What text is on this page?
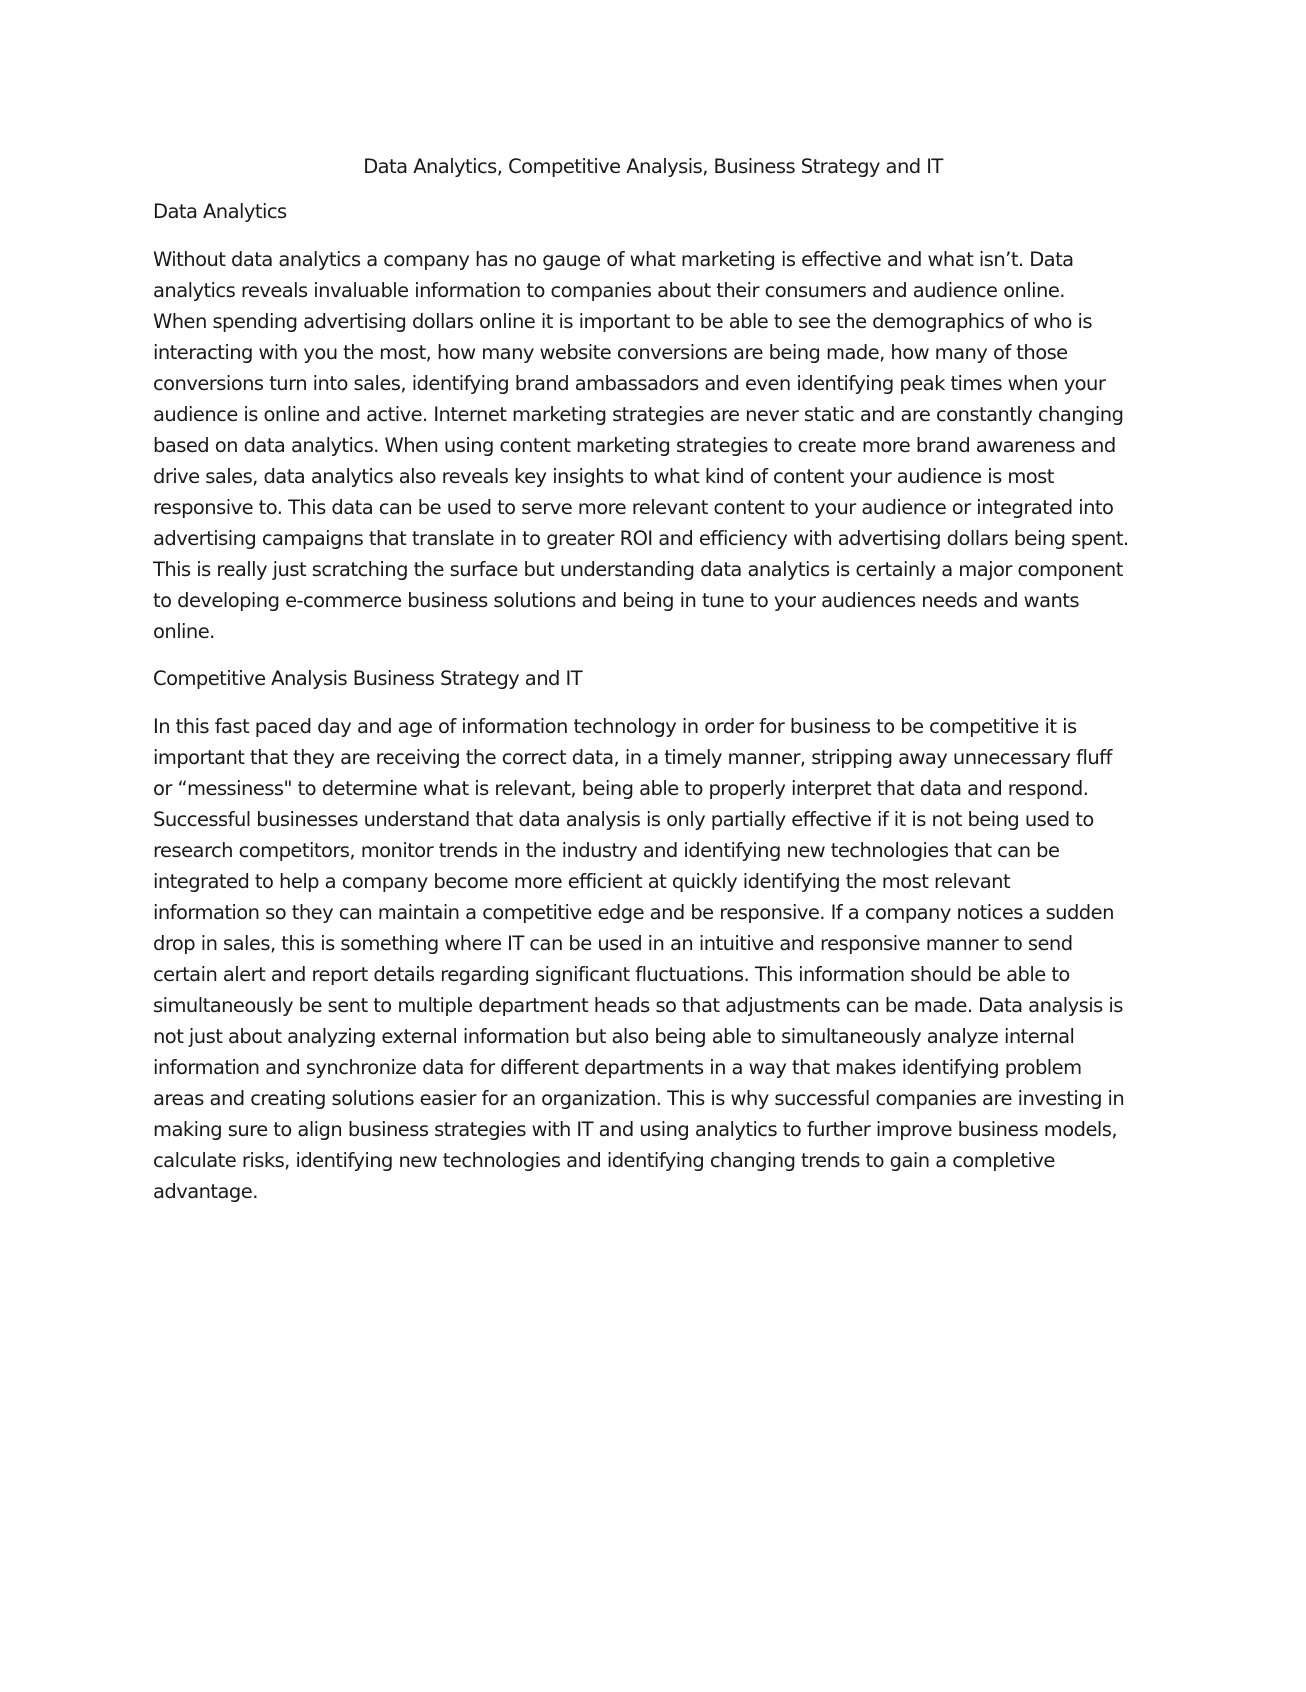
Data Analytics, Competitive Analysis, Business Strategy and IT
Data Analytics
Without data analytics a company has no gauge of what marketing is effective and what isn’t. Data
analytics reveals invaluable information to companies about their consumers and audience online.
When spending advertising dollars online it is important to be able to see the demographics of who is
interacting with you the most, how many website conversions are being made, how many of those
conversions turn into sales, identifying brand ambassadors and even identifying peak times when your
audience is online and active. Internet marketing strategies are never static and are constantly changing
based on data analytics. When using content marketing strategies to create more brand awareness and
drive sales, data analytics also reveals key insights to what kind of content your audience is most
responsive to. This data can be used to serve more relevant content to your audience or integrated into
advertising campaigns that translate in to greater ROI and efficiency with advertising dollars being spent.
This is really just scratching the surface but understanding data analytics is certainly a major component
to developing e-commerce business solutions and being in tune to your audiences needs and wants
online.
Competitive Analysis Business Strategy and IT
In this fast paced day and age of information technology in order for business to be competitive it is
important that they are receiving the correct data, in a timely manner, stripping away unnecessary fluff
or “messiness" to determine what is relevant, being able to properly interpret that data and respond.
Successful businesses understand that data analysis is only partially effective if it is not being used to
research competitors, monitor trends in the industry and identifying new technologies that can be
integrated to help a company become more efficient at quickly identifying the most relevant
information so they can maintain a competitive edge and be responsive. If a company notices a sudden
drop in sales, this is something where IT can be used in an intuitive and responsive manner to send
certain alert and report details regarding significant fluctuations. This information should be able to
simultaneously be sent to multiple department heads so that adjustments can be made. Data analysis is
not just about analyzing external information but also being able to simultaneously analyze internal
information and synchronize data for different departments in a way that makes identifying problem
areas and creating solutions easier for an organization. This is why successful companies are investing in
making sure to align business strategies with IT and using analytics to further improve business models,
calculate risks, identifying new technologies and identifying changing trends to gain a completive
advantage.
